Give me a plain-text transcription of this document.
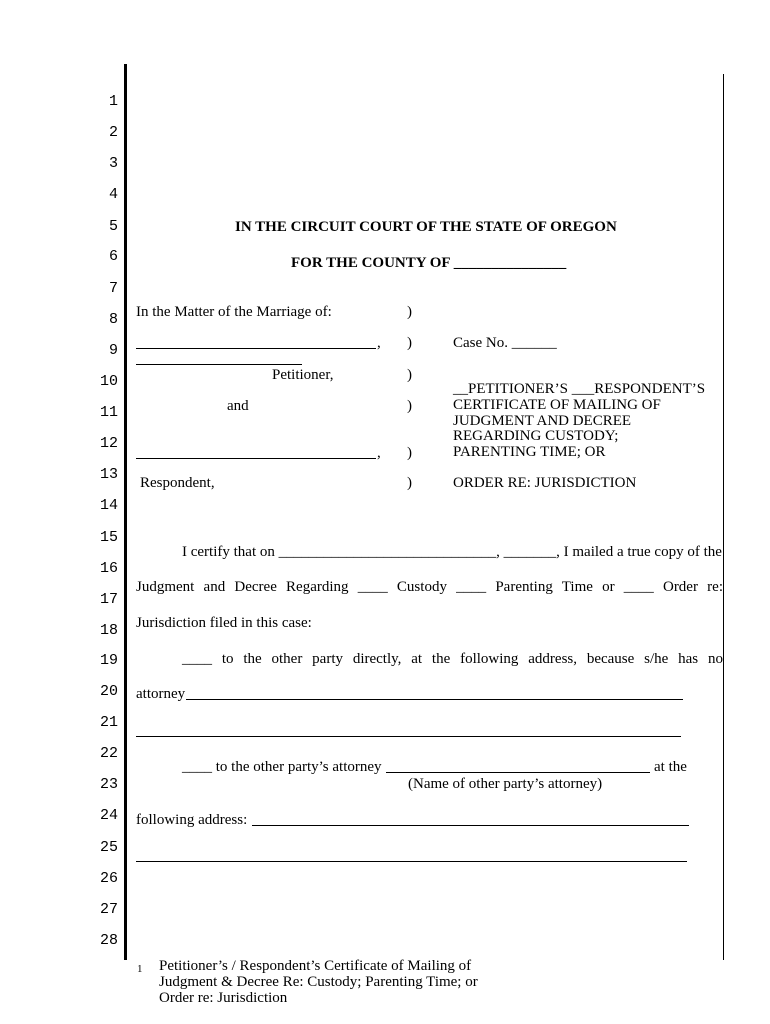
1
2
3
4
5
6
7
8
9
10
11
12
13
14
15
16
17
18
19
20
21
22
23
24
25
26
27
28
IN THE CIRCUIT COURT OF THE STATE OF OREGON
FOR THE COUNTY OF _______________
In the Matter of the Marriage of:
,
Petitioner,
and
,
Respondent,
)
)
)
)
)
)
Case No. ______
__PETITIONER’S ___RESPONDENT’S
CERTIFICATE OF MAILING OF
JUDGMENT AND DECREE
REGARDING CUSTODY;
PARENTING TIME; OR
ORDER RE: JURISDICTION
I certify that on _____________________________, _______, I mailed a true copy of the
Judgment and Decree Regarding ____ Custody ____ Parenting Time or ____ Order re:
Jurisdiction filed in this case:
____ to the other party directly, at the following address, because s/he has no
attorney
____ to the other party’s attorney	at the
(Name of other party’s attorney)
following address:
1 Petitioner’s / Respondent’s Certificate of Mailing of
Judgment & Decree Re: Custody; Parenting Time; or
Order re: Jurisdiction
